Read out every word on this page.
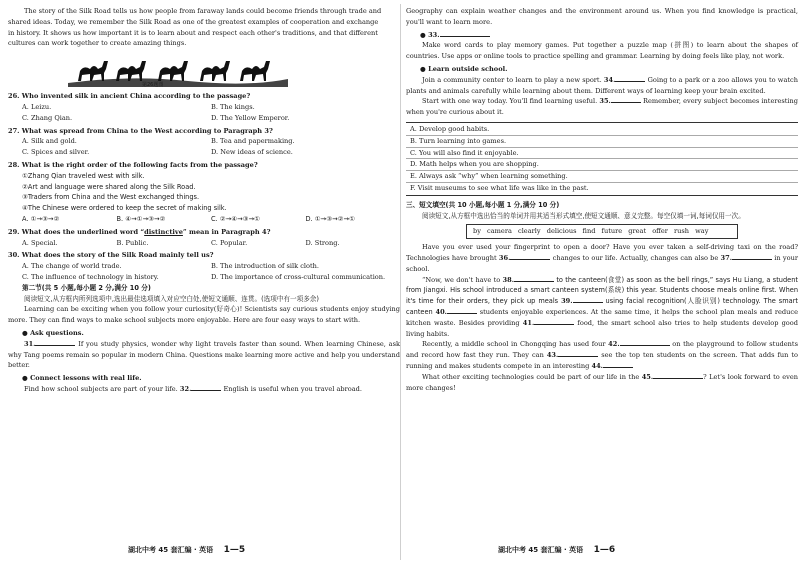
The story of the Silk Road tells us how people from faraway lands could become friends through trade and

shared ideas. Today, we remember the Silk Road as one of the greatest examples of cooperation and exchange

in history. It shows us how important it is to learn about and respect each other's traditions, and that different

cultures can work together to create amazing things.

第26题图

26. Who invented silk in ancient China according to the passage?

A. Leizu.	B. The kings.
C. Zhang Qian.	D. The Yellow Emperor.

27. What was spread from China to the West according to Paragraph 3?

A. Silk and gold.	B. Tea and papermaking.
C. Spices and silver.	D. New ideas of science.

28. What is the right order of the following facts from the passage?

①Zhang Qian traveled west with silk.

②Art and language were shared along the Silk Road.

③Traders from China and the West exchanged things.

④The Chinese were ordered to keep the secret of making silk.

A. ①→③→②	B. ④→①→③→②	C. ②→④→③→①	D. ①→③→②→①

29. What does the underlined word “distinctive” mean in Paragraph 4?

A. Special.	B. Public.	C. Popular.	D. Strong.

30. What does the story of the Silk Road mainly tell us?

A. The change of world trade.	B. The introduction of silk cloth.
C. The influence of technology in history.	D. The importance of cross-cultural communication.

第二节(共 5 小题,每小题 2 分,满分 10 分)

阅读短文,从方框内所列选项中,选出最佳选项填入对应空白处,使短文通顺、连贯。(选项中有一项多余)

Learning can be exciting when you follow your curiosity(好奇心)! Scientists say curious students enjoy studying more. They can find ways to make school subjects more enjoyable. Here are four easy ways to start with.

● Ask questions.

31.	If you study physics, wonder why light travels faster than sound. When learning Chinese, ask why Tang poems remain so popular in modern China. Questions make learning more active and help you understand better.

● Connect lessons with real life.

Find how school subjects are part of your life. 32.	English is useful when you travel abroad.

湖北中考 45 套汇编 · 英语 1—5

Geography can explain weather changes and the environment around us. When you find knowledge is practical, you'll want to learn more.

● 33.

Make word cards to play memory games. Put together a puzzle map (拼图) to learn about the shapes of countries. Use apps or online tools to practice spelling and grammar. Learning by doing feels like play, not work.

● Learn outside school.

Join a community center to learn to play a new sport. 34.	Going to a park or a zoo allows you to watch plants and animals carefully while learning about them. Different ways of learning keep your brain excited.

Start with one way today. You'll find learning useful. 35.	Remember, every subject becomes interesting when you're curious about it.

A. Develop good habits.
B. Turn learning into games.
C. You will also find it enjoyable.
D. Math helps when you are shopping.
E. Always ask “why” when learning something.
F. Visit museums to see what life was like in the past.

三、短文填空(共 10 小题,每小题 1 分,满分 10 分)

阅读短文,从方框中选出恰当的单词并用其适当形式填空,使短文通顺、意义完整。每空仅填一词,每词仅用一次。

by camera clearly delicious find future great offer rush way

Have you ever used your fingerprint to open a door? Have you ever taken a self-driving taxi on the road? Technologies have brought 36.	changes to our life. Actually, changes can also be 37.	in your school.

“Now, we don't have to 38.	to the canteen(食堂) as soon as the bell rings,” says Hu Liang, a student from Jiangxi. His school introduced a smart canteen system(系统) this year. Students choose meals online first. When it's time for their orders, they pick up meals 39.	using facial recognition(人脸识别) technology. The smart canteen 40.	students enjoyable experiences. At the same time, it helps the school plan meals and reduce kitchen waste. Besides providing 41.	food, the smart school also tries to help students develop good living habits.

Recently, a middle school in Chongqing has used four 42.	on the playground to follow students and record how fast they run. They can 43.	see the top ten students on the screen. That adds fun to running and makes students compete in an interesting 44.

What other exciting technologies could be part of our life in the 45.	? Let's look forward to even more changes!

湖北中考 45 套汇编 · 英语 1—6
